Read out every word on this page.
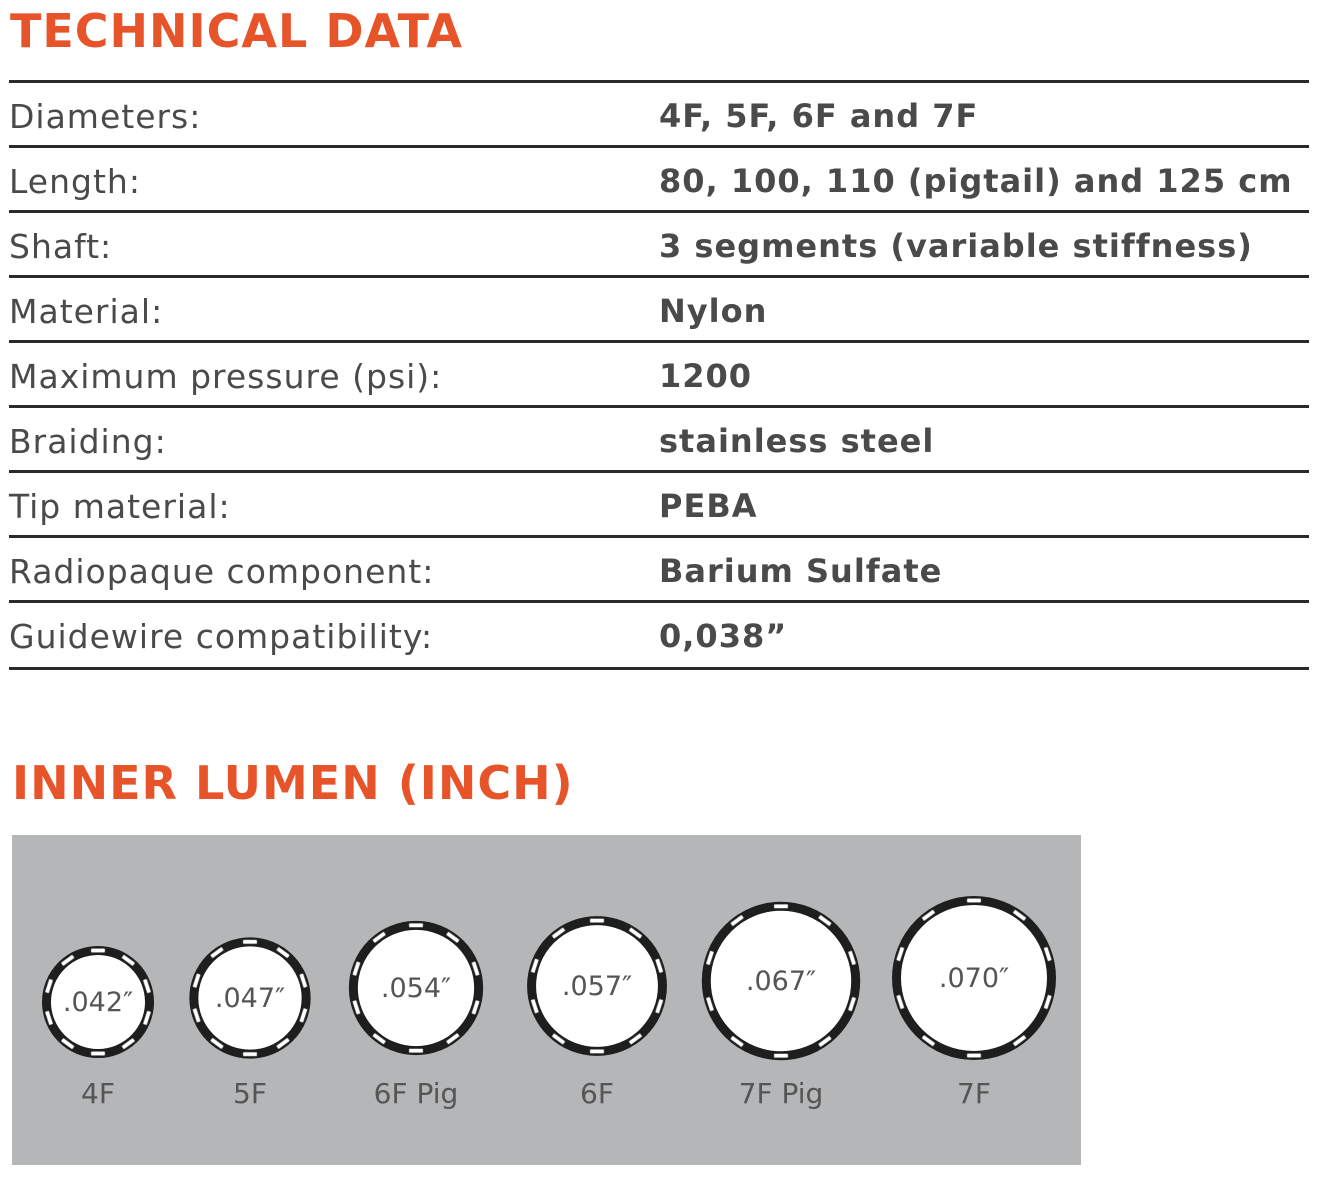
TECHNICAL DATA
Diameters:	4F, 5F, 6F and 7F
Length:	80, 100, 110 (pigtail) and 125 cm
Shaft:	3 segments (variable stiffness)
Material:	Nylon
Maximum pressure (psi):	1200
Braiding:	stainless steel
Tip material:	PEBA
Radiopaque component:	Barium Sulfate
Guidewire compatibility:	0,038”
INNER LUMEN (INCH)
.042″
4F
.047″
5F
.054″
6F Pig
.057″
6F
.067″
7F Pig
.070″
7F
